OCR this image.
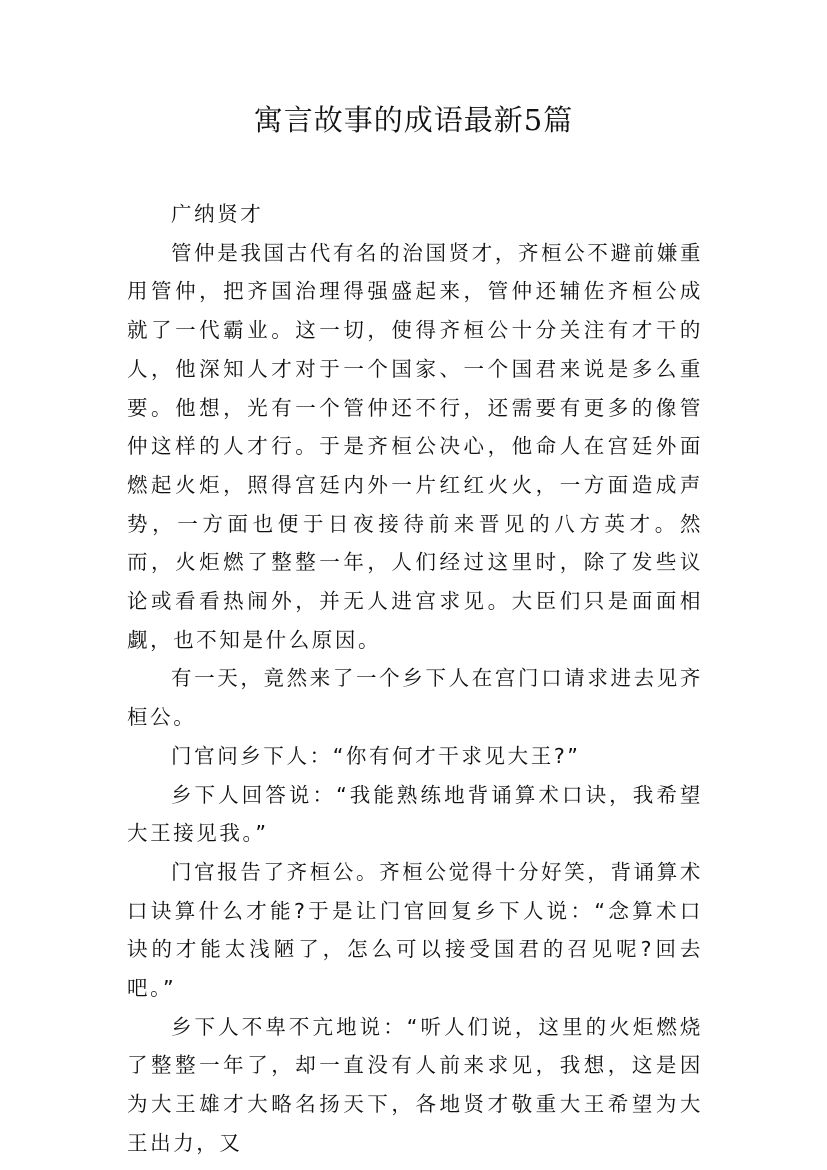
寓言故事的成语最新5篇

广纳贤才

管仲是我国古代有名的治国贤才，齐桓公不避前嫌重用管仲，把齐国治理得强盛起来，管仲还辅佐齐桓公成就了一代霸业。这一切，使得齐桓公十分关注有才干的人，他深知人才对于一个国家、一个国君来说是多么重要。他想，光有一个管仲还不行，还需要有更多的像管仲这样的人才行。于是齐桓公决心，他命人在宫廷外面燃起火炬，照得宫廷内外一片红红火火，一方面造成声势，一方面也便于日夜接待前来晋见的八方英才。然而，火炬燃了整整一年，人们经过这里时，除了发些议论或看看热闹外，并无人进宫求见。大臣们只是面面相觑，也不知是什么原因。

有一天，竟然来了一个乡下人在宫门口请求进去见齐桓公。

门官问乡下人：“你有何才干求见大王?”

乡下人回答说：“我能熟练地背诵算术口诀，我希望大王接见我。”

门官报告了齐桓公。齐桓公觉得十分好笑，背诵算术口诀算什么才能?于是让门官回复乡下人说：“念算术口诀的才能太浅陋了，怎么可以接受国君的召见呢?回去吧。”

乡下人不卑不亢地说：“听人们说，这里的火炬燃烧了整整一年了，却一直没有人前来求见，我想，这是因为大王雄才大略名扬天下，各地贤才敬重大王希望为大王出力，又
